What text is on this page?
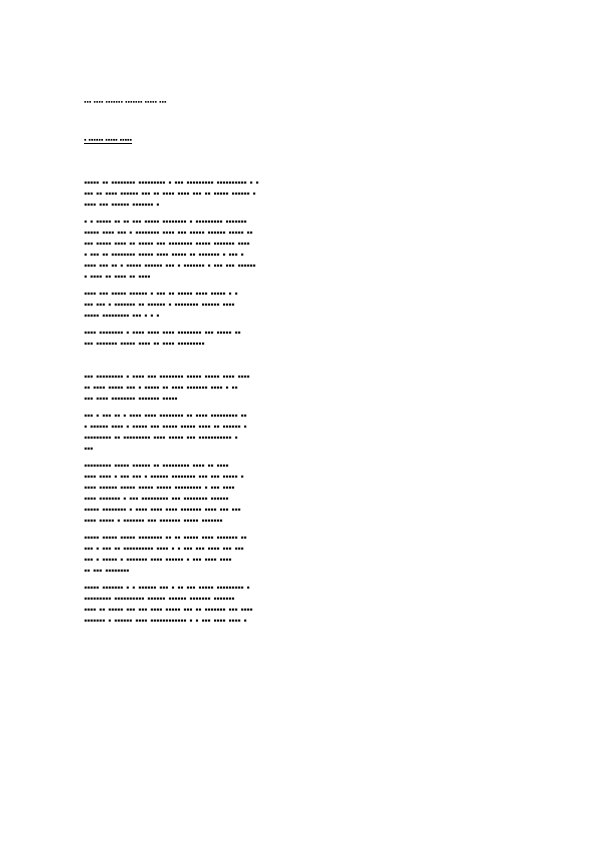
▪▪▪ ▪▪▪▪ ▪▪▪▪▪▪▪ ▪▪▪▪▪▪▪ ▪▪▪▪▪ ▪▪▪
▪ ▪▪▪▪▪▪ ▪▪▪▪▪ ▪▪▪▪▪
▪▪▪▪▪ ▪▪ ▪▪▪▪▪▪▪▪ ▪▪▪▪▪▪▪▪▪ ▪ ▪▪▪ ▪▪▪▪▪▪▪▪▪ ▪▪▪▪▪▪▪▪▪▪ ▪ ▪
▪▪▪ ▪▪ ▪▪▪▪ ▪▪▪▪▪▪ ▪▪▪ ▪▪ ▪▪▪▪ ▪▪▪▪ ▪▪▪ ▪▪ ▪▪▪▪▪ ▪▪▪▪▪▪ ▪
▪▪▪▪ ▪▪▪ ▪▪▪▪▪▪ ▪▪▪▪▪▪▪ ▪
▪ ▪ ▪▪▪▪▪ ▪▪ ▪▪ ▪▪▪ ▪▪▪▪▪ ▪▪▪▪▪▪▪▪ ▪ ▪▪▪▪▪▪▪▪▪ ▪▪▪▪▪▪▪
▪▪▪▪▪ ▪▪▪▪ ▪▪▪ ▪ ▪▪▪▪▪▪▪▪ ▪▪▪▪ ▪▪▪ ▪▪▪▪▪ ▪▪▪▪▪▪ ▪▪▪▪▪ ▪▪
▪▪▪ ▪▪▪▪▪ ▪▪▪▪ ▪▪ ▪▪▪▪▪ ▪▪▪ ▪▪▪▪▪▪▪▪ ▪▪▪▪▪ ▪▪▪▪▪▪▪ ▪▪▪▪
▪ ▪▪▪ ▪▪ ▪▪▪▪▪▪▪▪ ▪▪▪▪▪ ▪▪▪▪ ▪▪▪▪▪ ▪▪ ▪▪▪▪▪▪▪ ▪ ▪▪▪ ▪
▪▪▪▪ ▪▪▪ ▪▪ ▪ ▪▪▪▪▪ ▪▪▪▪▪▪ ▪▪▪ ▪ ▪▪▪▪▪▪▪ ▪ ▪▪▪ ▪▪▪ ▪▪▪▪▪▪
▪ ▪▪▪▪ ▪▪ ▪▪▪▪ ▪▪ ▪▪▪▪
▪▪▪▪ ▪▪▪ ▪▪▪▪▪ ▪▪▪▪▪▪ ▪ ▪▪▪ ▪▪ ▪▪▪▪▪ ▪▪▪▪ ▪▪▪▪▪ ▪ ▪
▪▪▪ ▪▪▪ ▪ ▪▪▪▪▪▪▪ ▪▪ ▪▪▪▪▪▪ ▪ ▪▪▪▪▪▪▪▪ ▪▪▪▪▪▪ ▪▪▪▪
▪▪▪▪▪ ▪▪▪▪▪▪▪▪▪ ▪▪▪ ▪ ▪ ▪
▪▪▪▪ ▪▪▪▪▪▪▪▪ ▪ ▪▪▪▪ ▪▪▪▪ ▪▪▪▪ ▪▪▪▪▪▪▪▪ ▪▪▪ ▪▪▪▪▪ ▪▪
▪▪▪ ▪▪▪▪▪▪▪ ▪▪▪▪▪ ▪▪▪▪ ▪▪ ▪▪▪▪ ▪▪▪▪▪▪▪▪▪
▪▪▪ ▪▪▪▪▪▪▪▪▪ ▪ ▪▪▪▪ ▪▪▪ ▪▪▪▪▪▪▪▪ ▪▪▪▪▪ ▪▪▪▪▪ ▪▪▪▪ ▪▪▪▪
▪▪ ▪▪▪▪ ▪▪▪▪▪ ▪▪▪ ▪ ▪▪▪▪▪ ▪▪ ▪▪▪▪ ▪▪▪▪▪▪▪ ▪▪▪▪ ▪ ▪▪
▪▪▪ ▪▪▪▪ ▪▪▪▪▪▪▪▪ ▪▪▪▪▪▪▪ ▪▪▪▪▪
▪▪▪ ▪ ▪▪▪ ▪▪ ▪ ▪▪▪▪ ▪▪▪▪ ▪▪▪▪▪▪▪▪ ▪▪ ▪▪▪▪ ▪▪▪▪▪▪▪▪▪ ▪▪
▪ ▪▪▪▪▪▪ ▪▪▪▪ ▪ ▪▪▪▪▪ ▪▪▪ ▪▪▪▪▪ ▪▪▪▪▪ ▪▪▪▪ ▪▪ ▪▪▪▪▪▪ ▪
▪▪▪▪▪▪▪▪▪ ▪▪ ▪▪▪▪▪▪▪▪▪ ▪▪▪▪ ▪▪▪▪▪ ▪▪▪ ▪▪▪▪▪▪▪▪▪▪▪ ▪
▪▪▪
▪▪▪▪▪▪▪▪▪ ▪▪▪▪▪ ▪▪▪▪▪▪ ▪▪ ▪▪▪▪▪▪▪▪▪ ▪▪▪▪ ▪▪ ▪▪▪▪
▪▪▪▪ ▪▪▪▪ ▪ ▪▪▪ ▪▪▪ ▪ ▪▪▪▪▪▪ ▪▪▪▪▪▪▪▪ ▪▪▪ ▪▪▪ ▪▪▪▪▪ ▪
▪▪▪▪ ▪▪▪▪▪▪ ▪▪▪▪▪ ▪▪▪▪▪ ▪▪▪▪▪ ▪▪▪▪▪▪▪▪▪ ▪ ▪▪▪ ▪▪▪▪
▪▪▪▪ ▪▪▪▪▪▪▪ ▪ ▪▪▪ ▪▪▪▪▪▪▪▪▪ ▪▪▪ ▪▪▪▪▪▪▪▪ ▪▪▪▪▪▪
▪▪▪▪▪ ▪▪▪▪▪▪▪▪ ▪ ▪▪▪▪ ▪▪▪▪ ▪▪▪▪ ▪▪▪▪▪▪▪ ▪▪▪▪ ▪▪▪ ▪▪▪
▪▪▪▪ ▪▪▪▪▪ ▪ ▪▪▪▪▪▪▪ ▪▪▪ ▪▪▪▪▪▪▪ ▪▪▪▪▪ ▪▪▪▪▪▪▪
▪▪▪▪▪ ▪▪▪▪▪ ▪▪▪▪▪ ▪▪▪▪▪▪▪▪ ▪▪ ▪▪ ▪▪▪▪▪ ▪▪▪▪ ▪▪▪▪▪▪▪ ▪▪
▪▪▪ ▪ ▪▪▪ ▪▪ ▪▪▪▪▪▪▪▪▪▪ ▪▪▪▪ ▪ ▪ ▪▪▪ ▪▪▪ ▪▪▪▪ ▪▪▪ ▪▪▪
▪▪▪ ▪ ▪▪▪▪▪ ▪ ▪▪▪▪▪▪▪ ▪▪▪▪ ▪▪▪▪▪▪ ▪ ▪▪▪ ▪▪▪▪ ▪▪▪▪
▪▪ ▪▪▪ ▪▪▪▪▪▪▪▪
▪▪▪▪▪ ▪▪▪▪▪▪▪ ▪ ▪ ▪▪▪▪▪▪ ▪▪▪ ▪ ▪▪ ▪▪▪ ▪▪▪▪▪ ▪▪▪▪▪▪▪▪▪ ▪
▪▪▪▪▪▪▪▪▪ ▪▪▪▪▪▪▪▪▪▪ ▪▪▪▪▪▪ ▪▪▪▪▪▪ ▪▪▪▪▪▪▪ ▪▪▪▪▪▪▪
▪▪▪▪ ▪▪ ▪▪▪▪▪ ▪▪▪ ▪▪▪ ▪▪▪▪ ▪▪▪▪▪ ▪▪▪ ▪▪ ▪▪▪▪▪▪▪ ▪▪▪ ▪▪▪▪
▪▪▪▪▪▪▪ ▪ ▪▪▪▪▪▪ ▪▪▪▪ ▪▪▪▪▪▪▪▪▪▪▪▪ ▪ ▪ ▪▪▪ ▪▪▪▪ ▪▪▪▪ ▪
